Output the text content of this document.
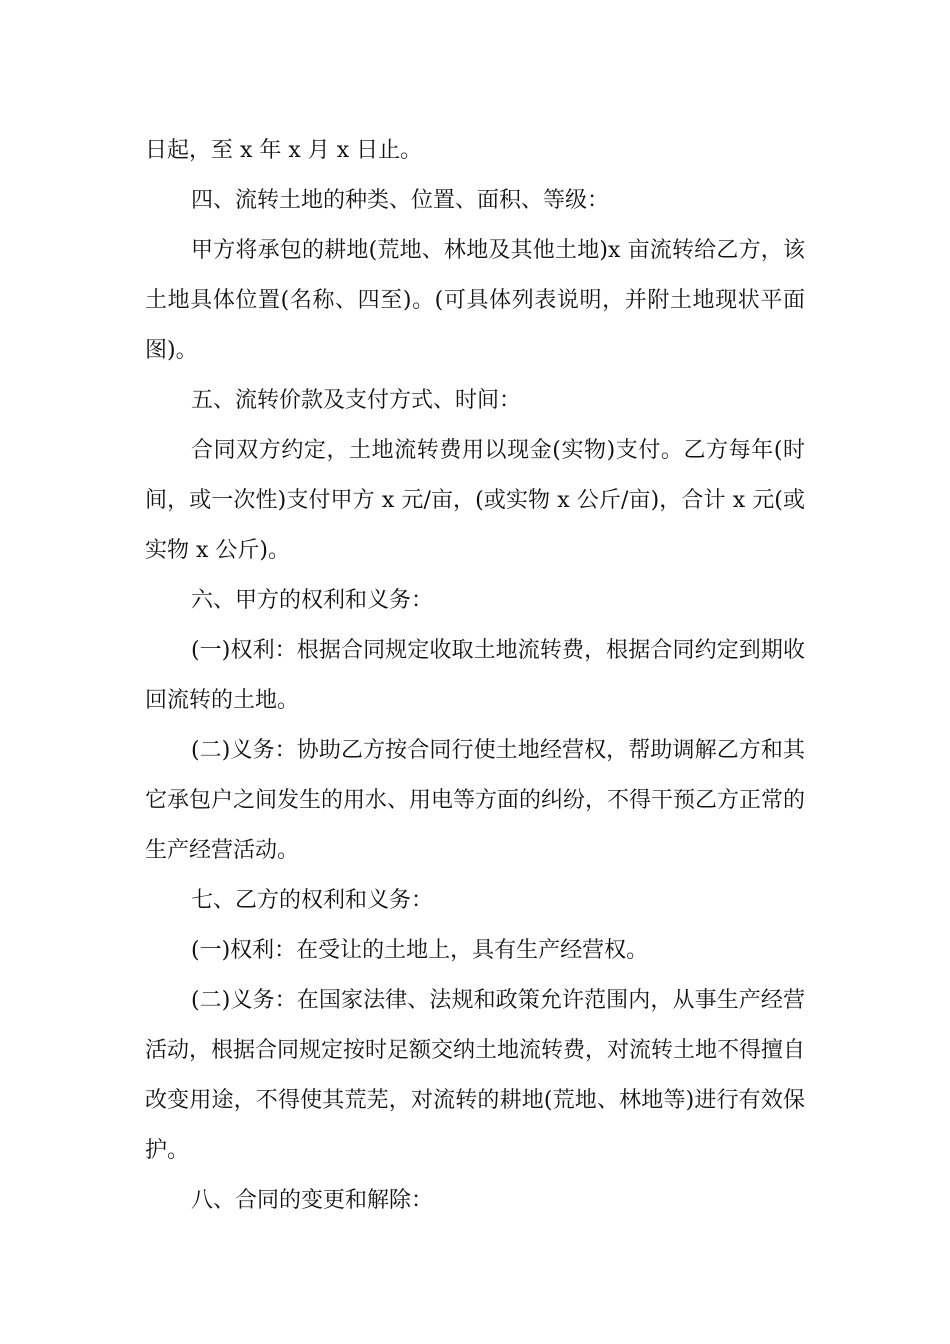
日起，至 x 年 x 月 x 日止。

四、流转土地的种类、位置、面积、等级：

甲方将承包的耕地(荒地、林地及其他土地)x 亩流转给乙方，该土地具体位置(名称、四至)。(可具体列表说明，并附土地现状平面图)。

五、流转价款及支付方式、时间：

合同双方约定，土地流转费用以现金(实物)支付。乙方每年(时间，或一次性)支付甲方 x 元/亩，(或实物 x 公斤/亩)，合计 x 元(或实物 x 公斤)。

六、甲方的权利和义务：

(一)权利：根据合同规定收取土地流转费，根据合同约定到期收回流转的土地。

(二)义务：协助乙方按合同行使土地经营权，帮助调解乙方和其它承包户之间发生的用水、用电等方面的纠纷，不得干预乙方正常的生产经营活动。

七、乙方的权利和义务：

(一)权利：在受让的土地上，具有生产经营权。

(二)义务：在国家法律、法规和政策允许范围内，从事生产经营活动，根据合同规定按时足额交纳土地流转费，对流转土地不得擅自改变用途，不得使其荒芜，对流转的耕地(荒地、林地等)进行有效保护。

八、合同的变更和解除：
